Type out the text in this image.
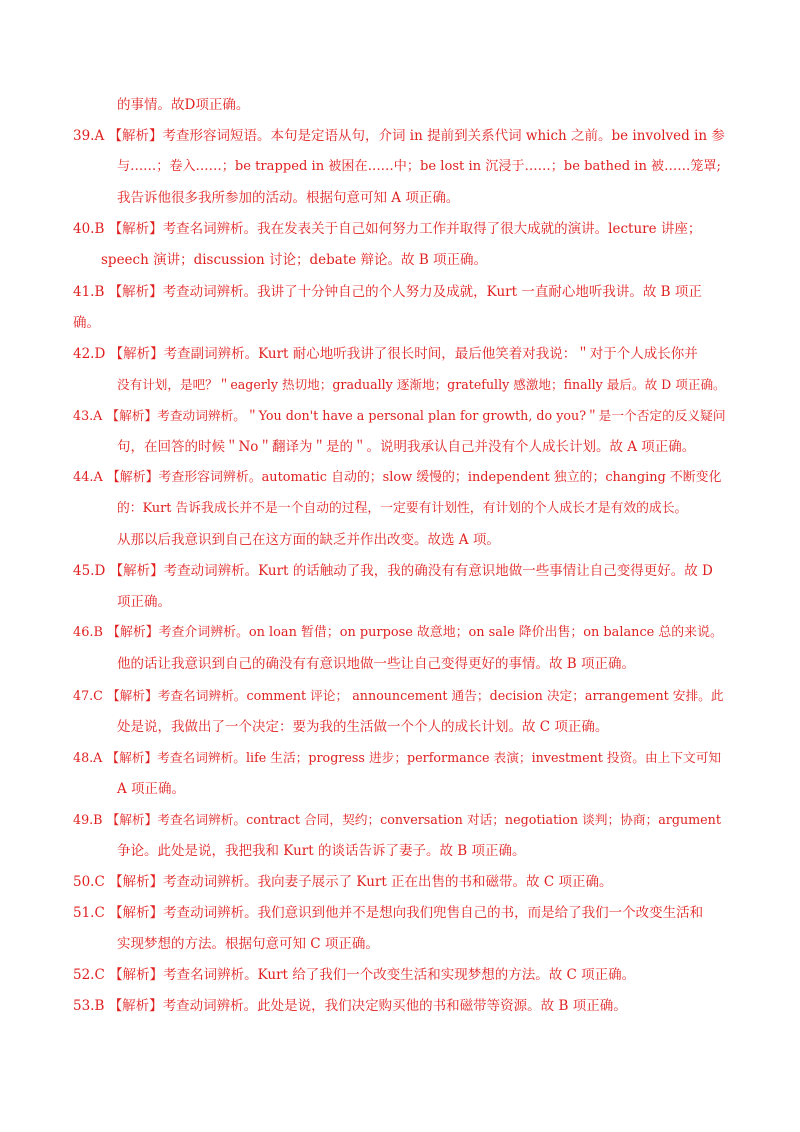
的事情。故D项正确。
39.A 【解析】考查形容词短语。本句是定语从句，介词 in 提前到关系代词 which 之前。be involved in 参
与……；卷入……；be trapped in 被困在……中；be lost in 沉浸于……；be bathed in 被……笼罩;
我告诉他很多我所参加的活动。根据句意可知 A 项正确。
40.B 【解析】考查名词辨析。我在发表关于自己如何努力工作并取得了很大成就的演讲。lecture 讲座；
speech 演讲；discussion 讨论；debate 辩论。故 B 项正确。
41.B 【解析】考查动词辨析。我讲了十分钟自己的个人努力及成就，Kurt 一直耐心地听我讲。故 B 项正
确。
42.D 【解析】考查副词辨析。Kurt 耐心地听我讲了很长时间，最后他笑着对我说：＂对于个人成长你并
没有计划，是吧？＂eagerly 热切地；gradually 逐渐地；gratefully 感激地；finally 最后。故 D 项正确。
43.A 【解析】考查动词辨析。＂You don't have a personal plan for growth, do you?＂是一个否定的反义疑问
句，在回答的时候＂No＂翻译为＂是的＂。说明我承认自己并没有个人成长计划。故 A 项正确。
44.A 【解析】考查形容词辨析。automatic 自动的；slow 缓慢的；independent 独立的；changing 不断变化
的：Kurt 告诉我成长并不是一个自动的过程，一定要有计划性，有计划的个人成长才是有效的成长。
从那以后我意识到自己在这方面的缺乏并作出改变。故选 A 项。
45.D 【解析】考查动词辨析。Kurt 的话触动了我，我的确没有有意识地做一些事情让自己变得更好。故 D
项正确。
46.B 【解析】考查介词辨析。on loan 暂借；on purpose 故意地；on sale 降价出售；on balance 总的来说。
他的话让我意识到自己的确没有有意识地做一些让自己变得更好的事情。故 B 项正确。
47.C 【解析】考查名词辨析。comment 评论； announcement 通告；decision 决定；arrangement 安排。此
处是说，我做出了一个决定：要为我的生活做一个个人的成长计划。故 C 项正确。
48.A 【解析】考查名词辨析。life 生活；progress 进步；performance 表演；investment 投资。由上下文可知
A 项正确。
49.B 【解析】考查名词辨析。contract 合同，契约；conversation 对话；negotiation 谈判；协商；argument
争论。此处是说，我把我和 Kurt 的谈话告诉了妻子。故 B 项正确。
50.C 【解析】考查动词辨析。我向妻子展示了 Kurt 正在出售的书和磁带。故 C 项正确。
51.C 【解析】考查动词辨析。我们意识到他并不是想向我们兜售自己的书，而是给了我们一个改变生活和
实现梦想的方法。根据句意可知 C 项正确。
52.C 【解析】考查名词辨析。Kurt 给了我们一个改变生活和实现梦想的方法。故 C 项正确。
53.B 【解析】考查动词辨析。此处是说，我们决定购买他的书和磁带等资源。故 B 项正确。
